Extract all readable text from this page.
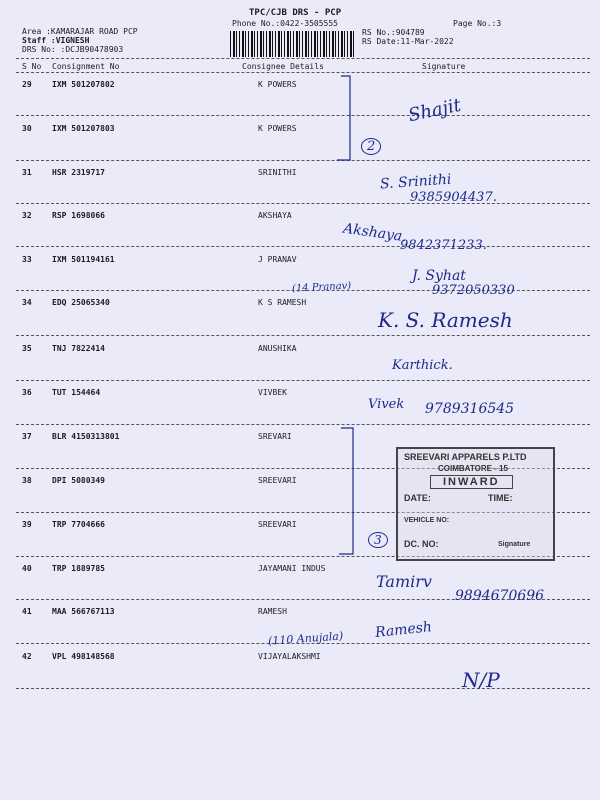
TPC/CJB DRS - PCP
Phone No.:0422-3505555	Page No.:3
Area :KAMARAJAR ROAD PCP
Staff :VIGNESH
DRS No: :DCJB90478903
RS No.:904789
RS Date:11-Mar-2022
S No Consignment No	Consignee Details	Signature
29	IXM 501207802	K POWERS
30	IXM 501207803	K POWERS
31	HSR 2319717	SRINITHI
32	RSP 1698066	AKSHAYA
33	IXM 501194161	J PRANAV
34	EDQ 25065340	K S RAMESH
35	TNJ 7822414	ANUSHIKA
36	TUT 154464	VIVBEK
37	BLR 4150313801	SREVARI
38	DPI 5080349	SREEVARI
39	TRP 7704666	SREEVARI
40	TRP 1889785	JAYAMANI INDUS
41	MAA 566767113	RAMESH
42	VPL 498148568	VIJAYALAKSHMI
2
3
Shajit
S. Srinithi
9385904437.
Akshaya.
9842371233.
(14 Pranav)
J. Syhat
9372050330
K. S. Ramesh
Karthick.
Vivek 9789316545
Tamirv
9894670696
(110 Anujala) Ramesh
N/P
SREEVARI APPARELS P.LTD
COIMBATORE - 15
INWARD
DATE:	TIME:
VEHICLE NO:
DC. NO:	Signature
